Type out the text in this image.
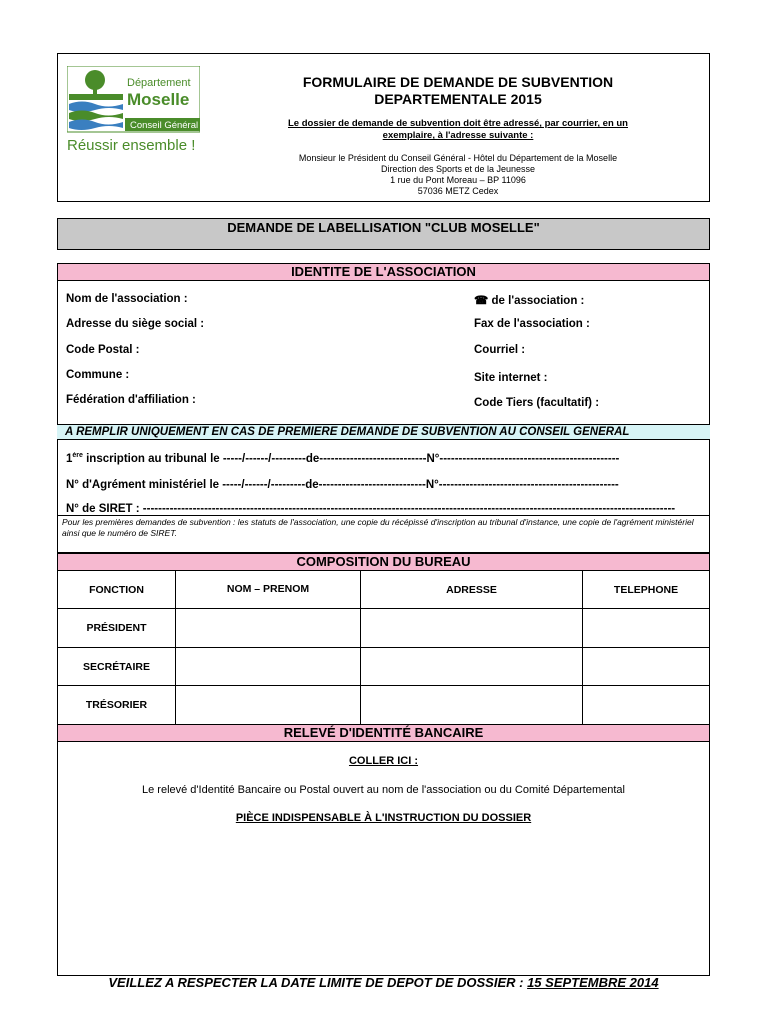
Département
Moselle
Conseil Général
Réussir ensemble !
FORMULAIRE DE DEMANDE DE SUBVENTION
DEPARTEMENTALE 2015
Le dossier de demande de subvention doit être adressé, par courrier, en un
exemplaire, à l'adresse suivante :
Monsieur le Président du Conseil Général - Hôtel du Département de la Moselle
Direction des Sports et de la Jeunesse
1 rue du Pont Moreau – BP 11096
57036 METZ Cedex
DEMANDE DE LABELLISATION "CLUB MOSELLE"
IDENTITE DE L'ASSOCIATION
Nom de l'association :
Adresse du siège social :
Code Postal :
Commune :
Fédération d'affiliation :
☎ de l'association :
Fax de l'association :
Courriel :
Site internet :
Code Tiers (facultatif) :
A REMPLIR UNIQUEMENT EN CAS DE PREMIERE DEMANDE DE SUBVENTION AU CONSEIL GENERAL
1ère inscription au tribunal le -----/------/---------de----------------------------N°-----------------------------------------------
N° d'Agrément ministériel le -----/------/---------de----------------------------N°-----------------------------------------------
N° de SIRET : -------------------------------------------------------------------------------------------------------------------------------------------
Pour les premières demandes de subvention : les statuts de l'association, une copie du récépissé d'inscription au tribunal d'instance, une copie de l'agrément ministériel ainsi que le numéro de SIRET.
COMPOSITION DU BUREAU
FONCTION	NOM – PRENOM	ADRESSE	TELEPHONE
PRÉSIDENT
SECRÉTAIRE
TRÉSORIER
RELEVÉ D'IDENTITÉ BANCAIRE
COLLER ICI :
Le relevé d'Identité Bancaire ou Postal ouvert au nom de l'association ou du Comité Départemental
PIÈCE INDISPENSABLE À L'INSTRUCTION DU DOSSIER
VEILLEZ A RESPECTER LA DATE LIMITE DE DEPOT DE DOSSIER : 15 SEPTEMBRE 2014
